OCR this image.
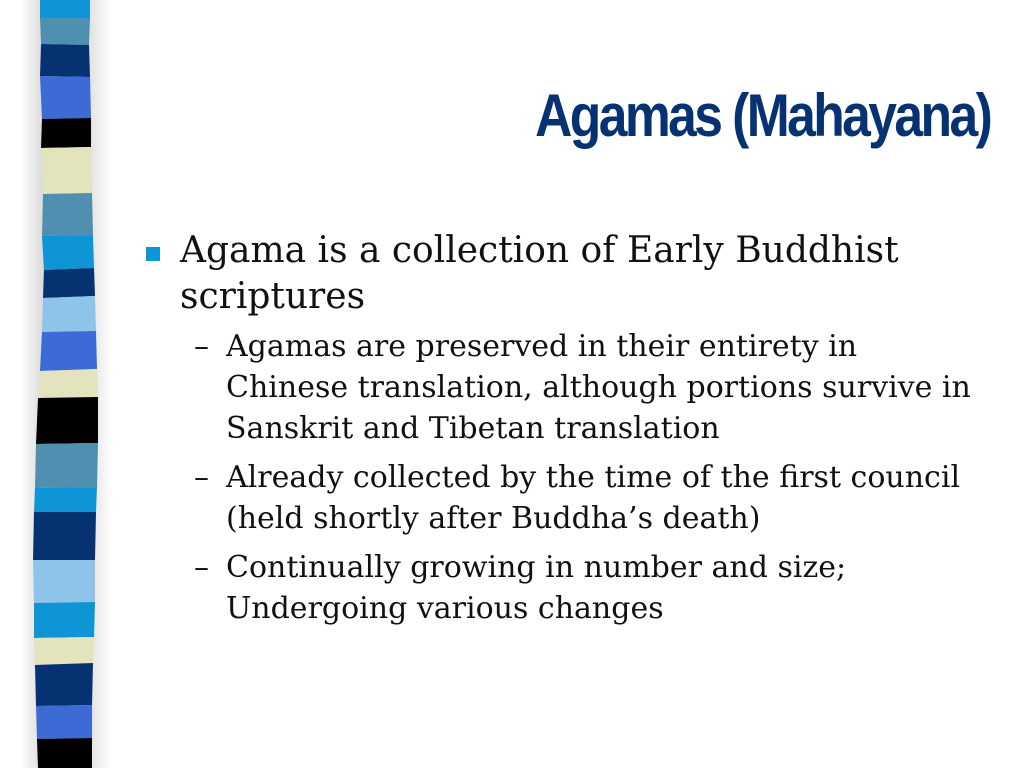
Agamas (Mahayana)
Agama is a collection of Early Buddhist scriptures
– Agamas are preserved in their entirety in Chinese translation, although portions survive in Sanskrit and Tibetan translation
– Already collected by the time of the first council (held shortly after Buddha’s death)
– Continually growing in number and size; Undergoing various changes
